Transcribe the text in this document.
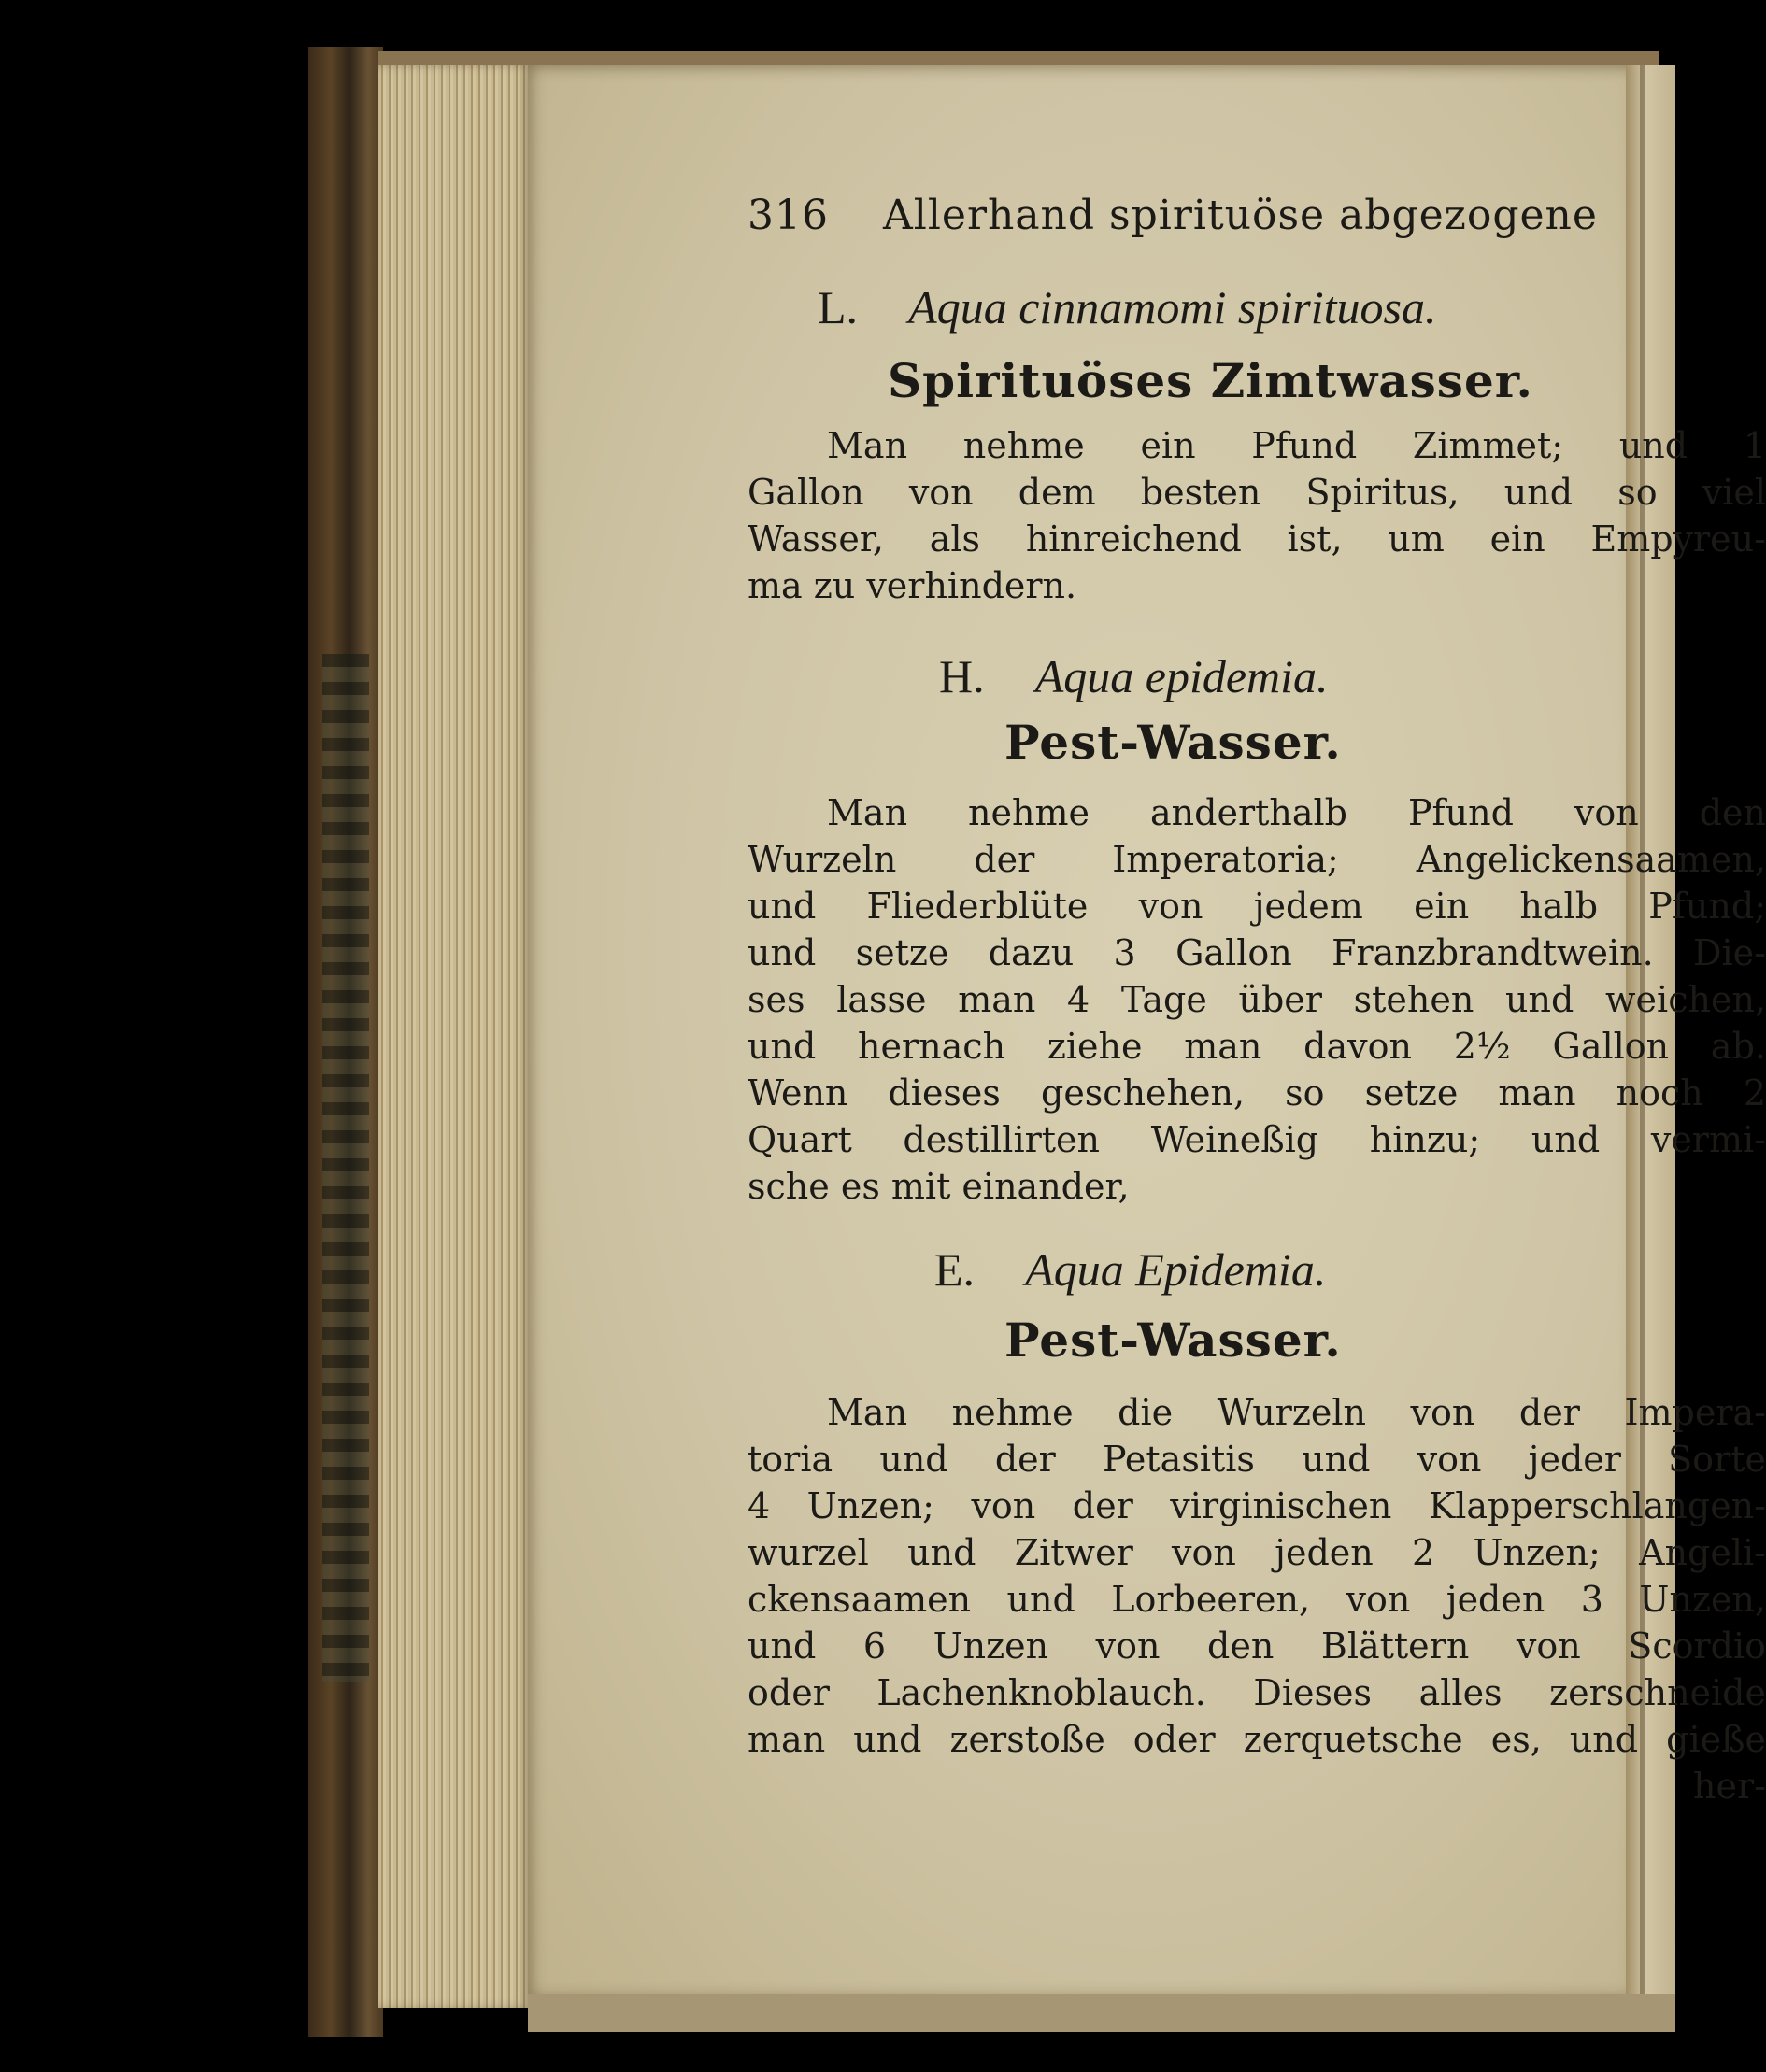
316 Allerhand spirituöse abgezogene
L. Aqua cinnamomi spirituosa.
Spirituöses Zimtwasser.
Man nehme ein Pfund Zimmet; und 1
Gallon von dem besten Spiritus, und so viel
Wasser, als hinreichend ist, um ein Empyreu-
ma zu verhindern.
H. Aqua epidemia.
Pest-Wasser.
Man nehme anderthalb Pfund von den
Wurzeln der Imperatoria; Angelickensaamen,
und Fliederblüte von jedem ein halb Pfund;
und setze dazu 3 Gallon Franzbrandtwein. Die-
ses lasse man 4 Tage über stehen und weichen,
und hernach ziehe man davon 2½ Gallon ab.
Wenn dieses geschehen, so setze man noch 2
Quart destillirten Weineßig hinzu; und vermi-
sche es mit einander,
E. Aqua Epidemia.
Pest-Wasser.
Man nehme die Wurzeln von der Impera-
toria und der Petasitis und von jeder Sorte
4 Unzen; von der virginischen Klapperschlangen-
wurzel und Zitwer von jeden 2 Unzen; Angeli-
ckensaamen und Lorbeeren, von jeden 3 Unzen,
und 6 Unzen von den Blättern von Scordio
oder Lachenknoblauch. Dieses alles zerschneide
man und zerstoße oder zerquetsche es, und gieße
her-
